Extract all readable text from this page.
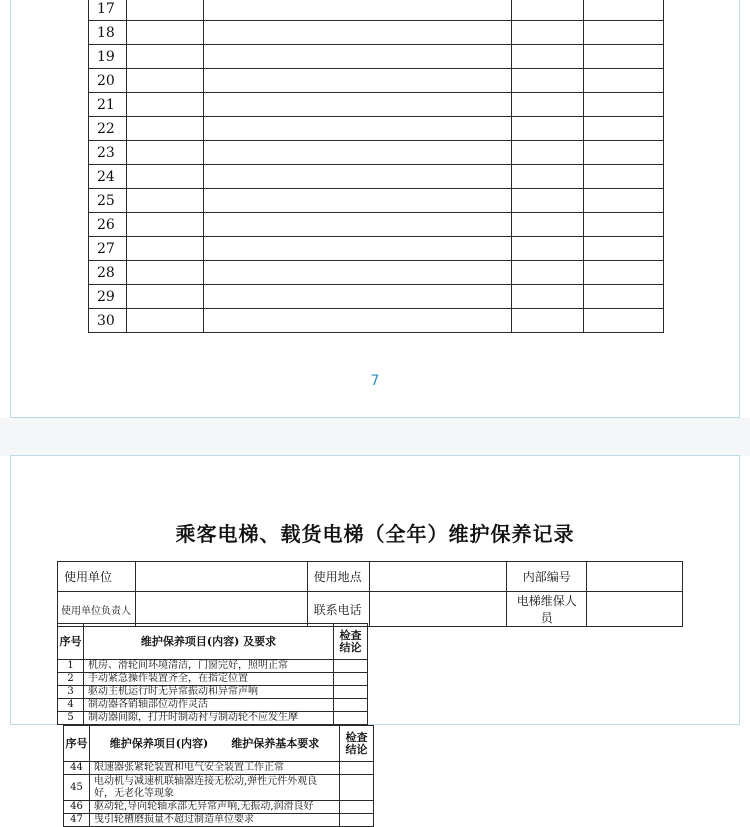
17				
18				
19				
20				
21				
22				
23				
24				
25				
26				
27				
28				
29				
30				
7
乘客电梯、载货电梯（全年）维护保养记录
使用单位		使用地点		内部编号	
使用单位负责人		联系电话		电梯维保人员	
序号	维护保养项目(内容) 及要求	检查结论
1	机房、滑轮间环境清洁，门窗完好，照明正常	
2	手动紧急操作装置齐全，在指定位置	
3	驱动主机运行时无异常振动和异常声响	
4	制动器各销轴部位动作灵活	
5	制动器间隙，打开时制动衬与制动轮不应发生摩	
序号	维护保养项目(内容) 维护保养基本要求	检查结论
44	限速器张紧轮装置和电气安全装置工作正常	
45	电动机与减速机联轴器连接无松动,弹性元件外观良好，无老化等现象	
46	驱动轮,导向轮轴承部无异常声响,无振动,润滑良好	
47	曳引轮槽磨损量不超过制造单位要求	
